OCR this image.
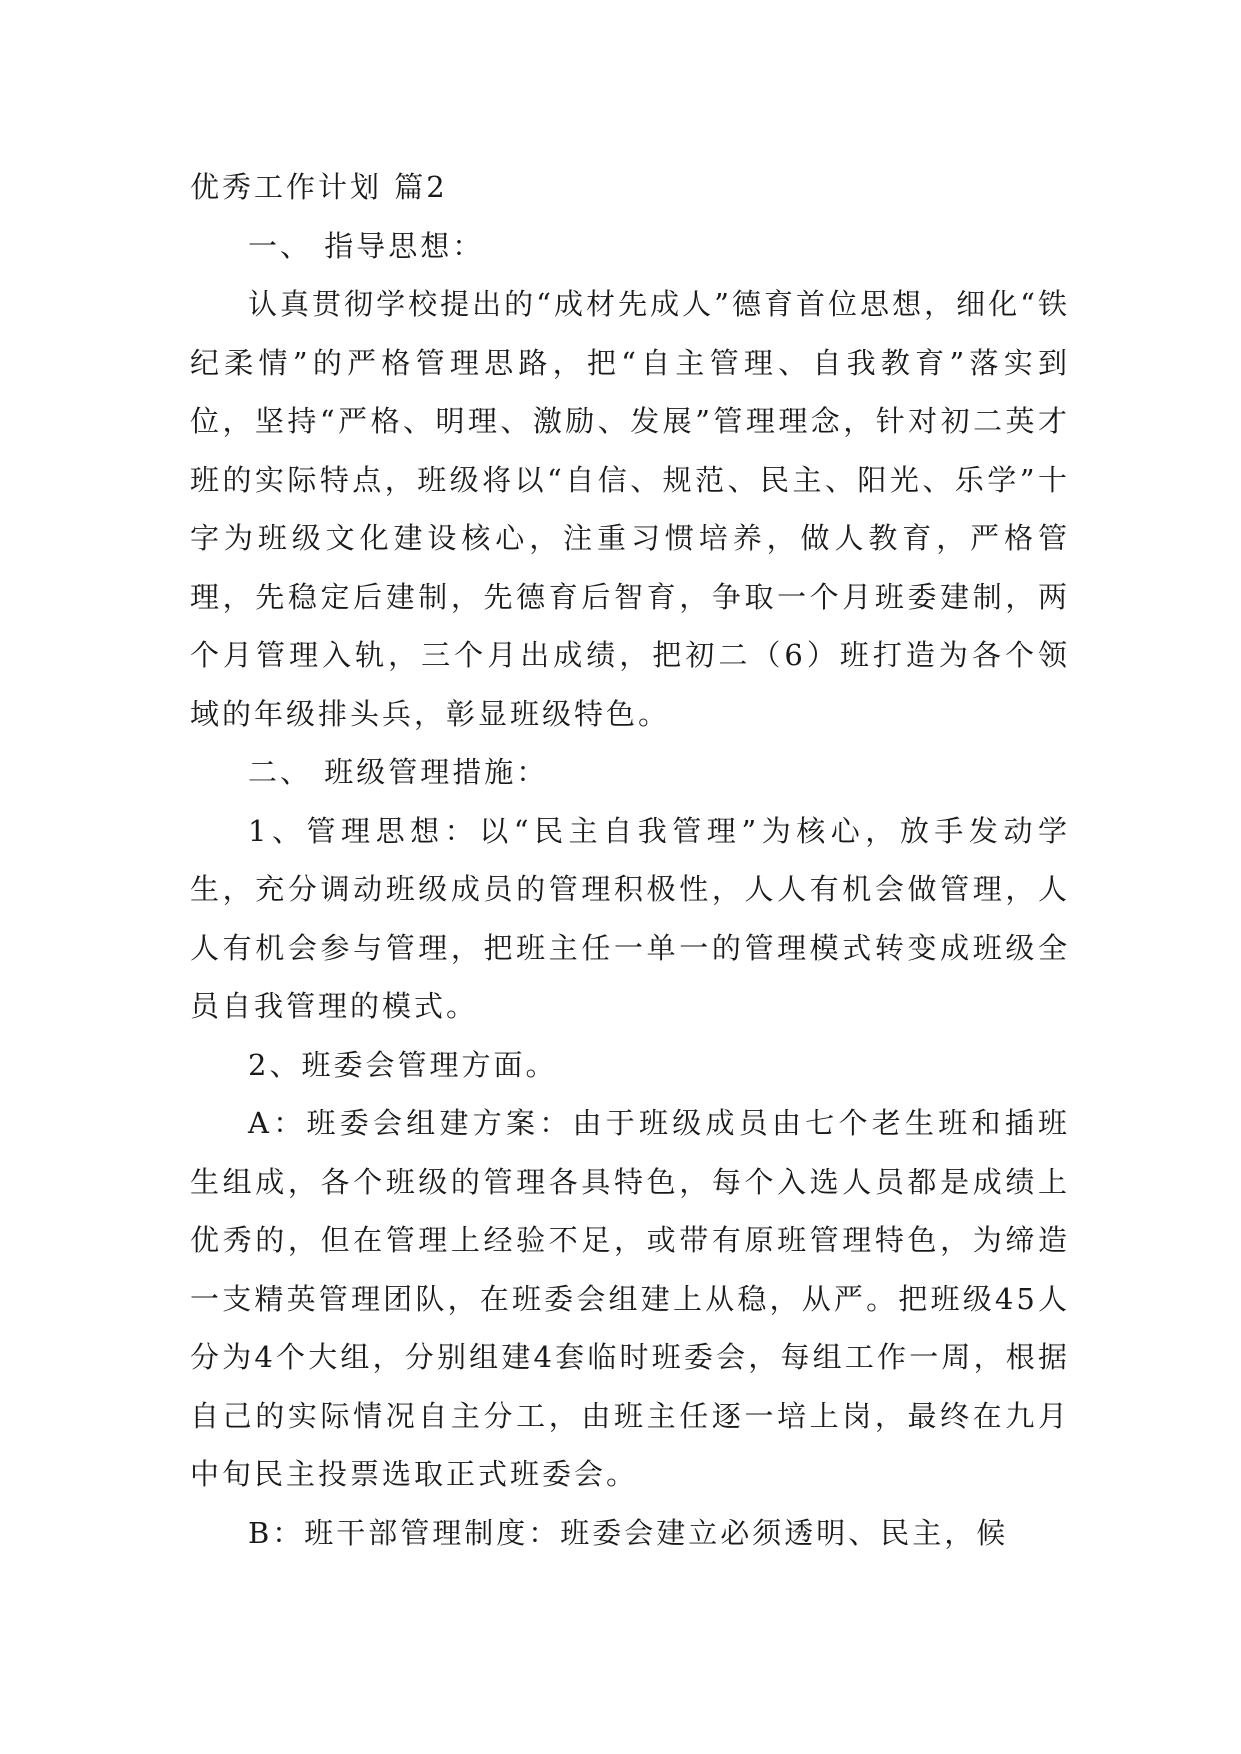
优秀工作计划 篇2

一、 指导思想：

认真贯彻学校提出的“成材先成人”德育首位思想，细化“铁纪柔情”的严格管理思路，把“自主管理、自我教育”落实到位，坚持“严格、明理、激励、发展”管理理念，针对初二英才班的实际特点，班级将以“自信、规范、民主、阳光、乐学”十字为班级文化建设核心，注重习惯培养，做人教育，严格管理，先稳定后建制，先德育后智育，争取一个月班委建制，两个月管理入轨，三个月出成绩，把初二（6）班打造为各个领域的年级排头兵，彰显班级特色。

二、 班级管理措施：

1、管理思想：以“民主自我管理”为核心，放手发动学生，充分调动班级成员的管理积极性，人人有机会做管理，人人有机会参与管理，把班主任一单一的管理模式转变成班级全员自我管理的模式。

2、班委会管理方面。

A：班委会组建方案：由于班级成员由七个老生班和插班生组成，各个班级的管理各具特色，每个入选人员都是成绩上优秀的，但在管理上经验不足，或带有原班管理特色，为缔造一支精英管理团队，在班委会组建上从稳，从严。把班级45人分为4个大组，分别组建4套临时班委会，每组工作一周，根据自己的实际情况自主分工，由班主任逐一培上岗，最终在九月中旬民主投票选取正式班委会。

B：班干部管理制度：班委会建立必须透明、民主，候
